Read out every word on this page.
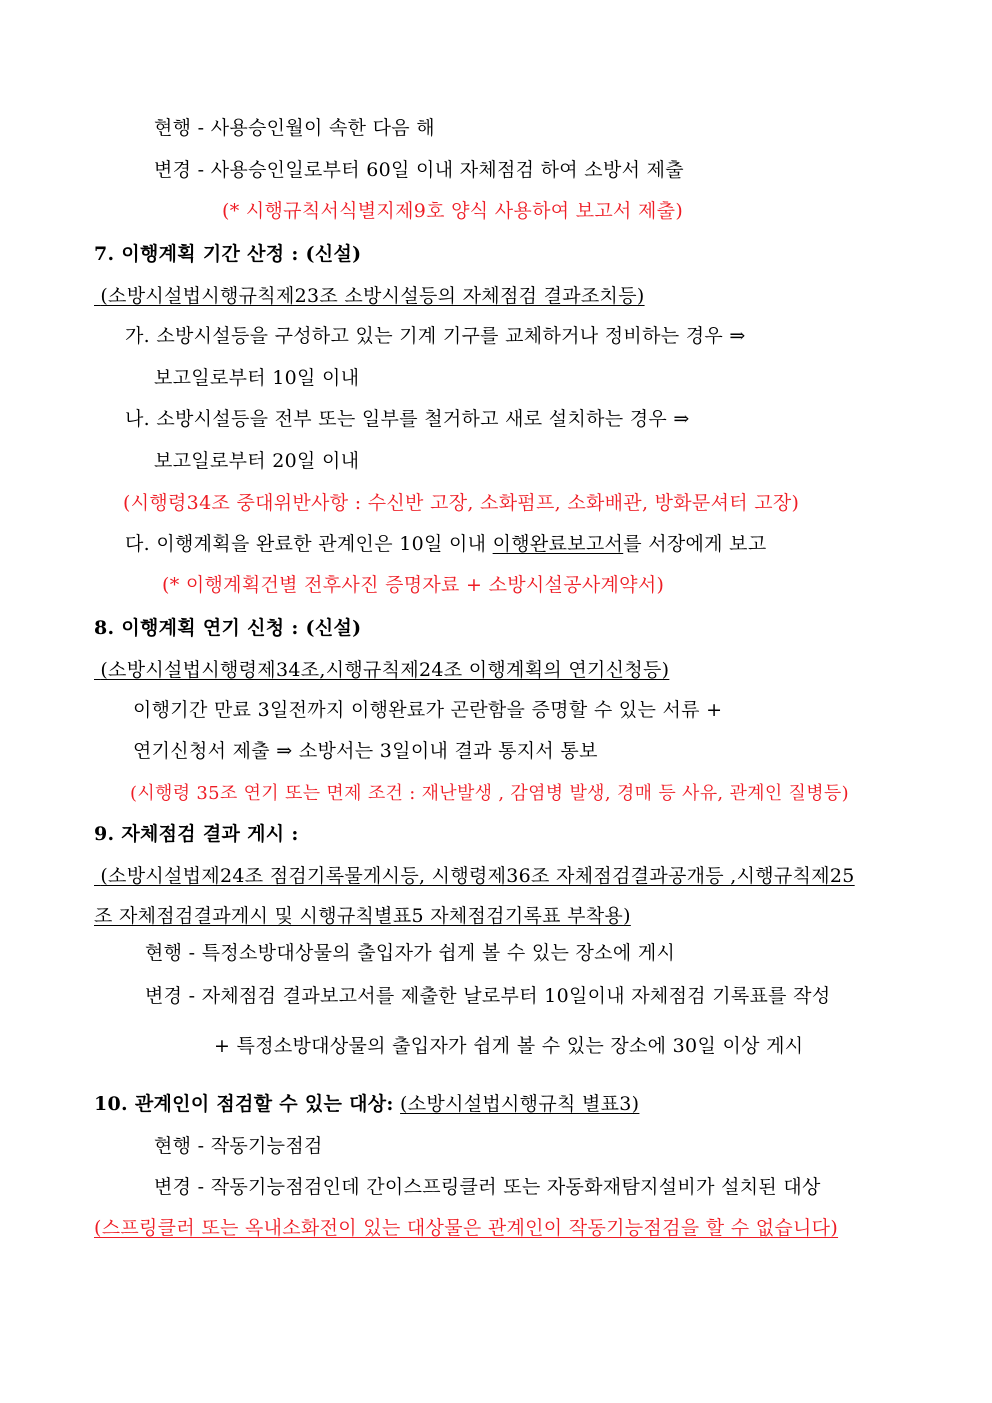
현행 - 사용승인월이 속한 다음 해
변경 - 사용승인일로부터 60일 이내 자체점검 하여 소방서 제출
(* 시행규칙서식별지제9호 양식 사용하여 보고서 제출)
7. 이행계획 기간 산정 : (신설)
(소방시설법시행규칙제23조 소방시설등의 자체점검 결과조치등)
가. 소방시설등을 구성하고 있는 기계 기구를 교체하거나 정비하는 경우 ⇒
보고일로부터 10일 이내
나. 소방시설등을 전부 또는 일부를 철거하고 새로 설치하는 경우 ⇒
보고일로부터 20일 이내
(시행령34조 중대위반사항 : 수신반 고장, 소화펌프, 소화배관, 방화문셔터 고장)
다. 이행계획을 완료한 관계인은 10일 이내 이행완료보고서를 서장에게 보고
(* 이행계획건별 전후사진 증명자료 + 소방시설공사계약서)
8. 이행계획 연기 신청 : (신설)
(소방시설법시행령제34조,시행규칙제24조 이행계획의 연기신청등)
이행기간 만료 3일전까지 이행완료가 곤란함을 증명할 수 있는 서류 +
연기신청서 제출 ⇒ 소방서는 3일이내 결과 통지서 통보
(시행령 35조 연기 또는 면제 조건 : 재난발생 , 감염병 발생, 경매 등 사유, 관계인 질병등)
9. 자체점검 결과 게시 :
(소방시설법제24조 점검기록물게시등, 시행령제36조 자체점검결과공개등 ,시행규칙제25
조 자체점검결과게시 및 시행규칙별표5 자체점검기록표 부착용)
현행 - 특정소방대상물의 출입자가 쉽게 볼 수 있는 장소에 게시
변경 - 자체점검 결과보고서를 제출한 날로부터 10일이내 자체점검 기록표를 작성
+ 특정소방대상물의 출입자가 쉽게 볼 수 있는 장소에 30일 이상 게시
10. 관계인이 점검할 수 있는 대상: (소방시설법시행규칙 별표3)
현행 - 작동기능점검
변경 - 작동기능점검인데 간이스프링클러 또는 자동화재탐지설비가 설치된 대상
(스프링클러 또는 옥내소화전이 있는 대상물은 관계인이 작동기능점검을 할 수 없습니다)
